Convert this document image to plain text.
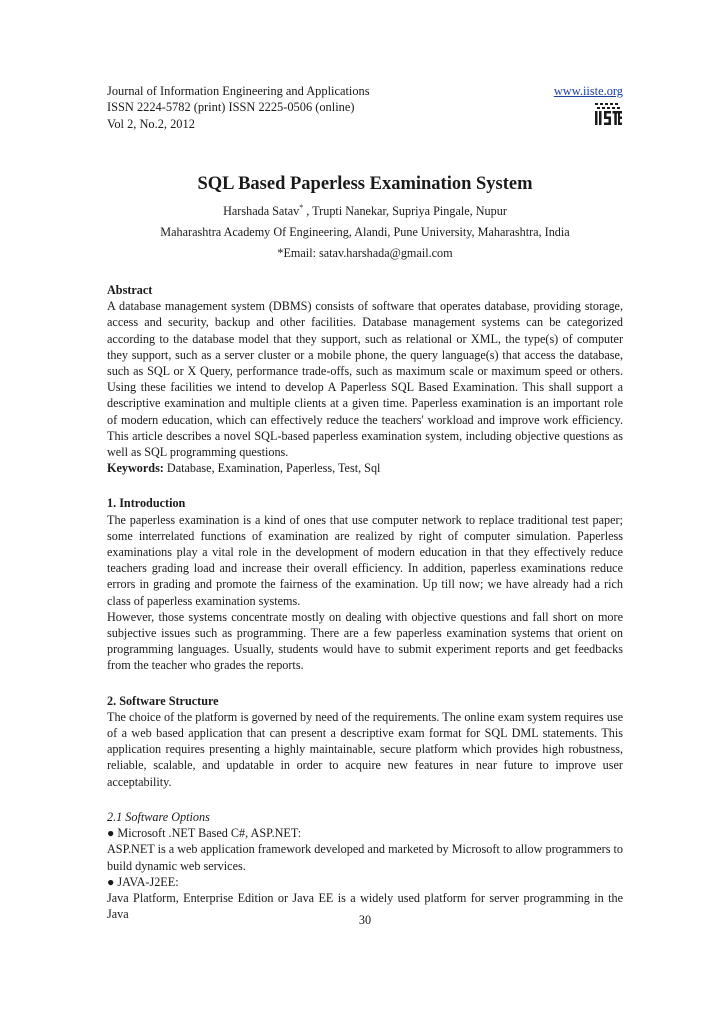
Journal of Information Engineering and Applications
ISSN 2224-5782 (print) ISSN 2225-0506 (online)
Vol 2, No.2, 2012
www.iiste.org
SQL Based Paperless Examination System
Harshada Satav* , Trupti Nanekar, Supriya Pingale, Nupur
Maharashtra Academy Of Engineering, Alandi, Pune University, Maharashtra, India
*Email: satav.harshada@gmail.com
Abstract

A database management system (DBMS) consists of software that operates database, providing storage, access and security, backup and other facilities. Database management systems can be categorized according to the database model that they support, such as relational or XML, the type(s) of computer they support, such as a server cluster or a mobile phone, the query language(s) that access the database, such as SQL or X Query, performance trade-offs, such as maximum scale or maximum speed or others. Using these facilities we intend to develop A Paperless SQL Based Examination. This shall support a descriptive examination and multiple clients at a given time. Paperless examination is an important role of modern education, which can effectively reduce the teachers' workload and improve work efficiency. This article describes a novel SQL-based paperless examination system, including objective questions as well as SQL programming questions.

Keywords: Database, Examination, Paperless, Test, Sql

1. Introduction

The paperless examination is a kind of ones that use computer network to replace traditional test paper; some interrelated functions of examination are realized by right of computer simulation. Paperless examinations play a vital role in the development of modern education in that they effectively reduce teachers grading load and increase their overall efficiency. In addition, paperless examinations reduce errors in grading and promote the fairness of the examination. Up till now; we have already had a rich class of paperless examination systems.

However, those systems concentrate mostly on dealing with objective questions and fall short on more subjective issues such as programming. There are a few paperless examination systems that orient on programming languages. Usually, students would have to submit experiment reports and get feedbacks from the teacher who grades the reports.

2. Software Structure

The choice of the platform is governed by need of the requirements. The online exam system requires use of a web based application that can present a descriptive exam format for SQL DML statements. This application requires presenting a highly maintainable, secure platform which provides high robustness, reliable, scalable, and updatable in order to acquire new features in near future to improve user acceptability.

2.1 Software Options

● Microsoft .NET Based C#, ASP.NET:

ASP.NET is a web application framework developed and marketed by Microsoft to allow programmers to build dynamic web services.

● JAVA-J2EE:

Java Platform, Enterprise Edition or Java EE is a widely used platform for server programming in the Java	30
